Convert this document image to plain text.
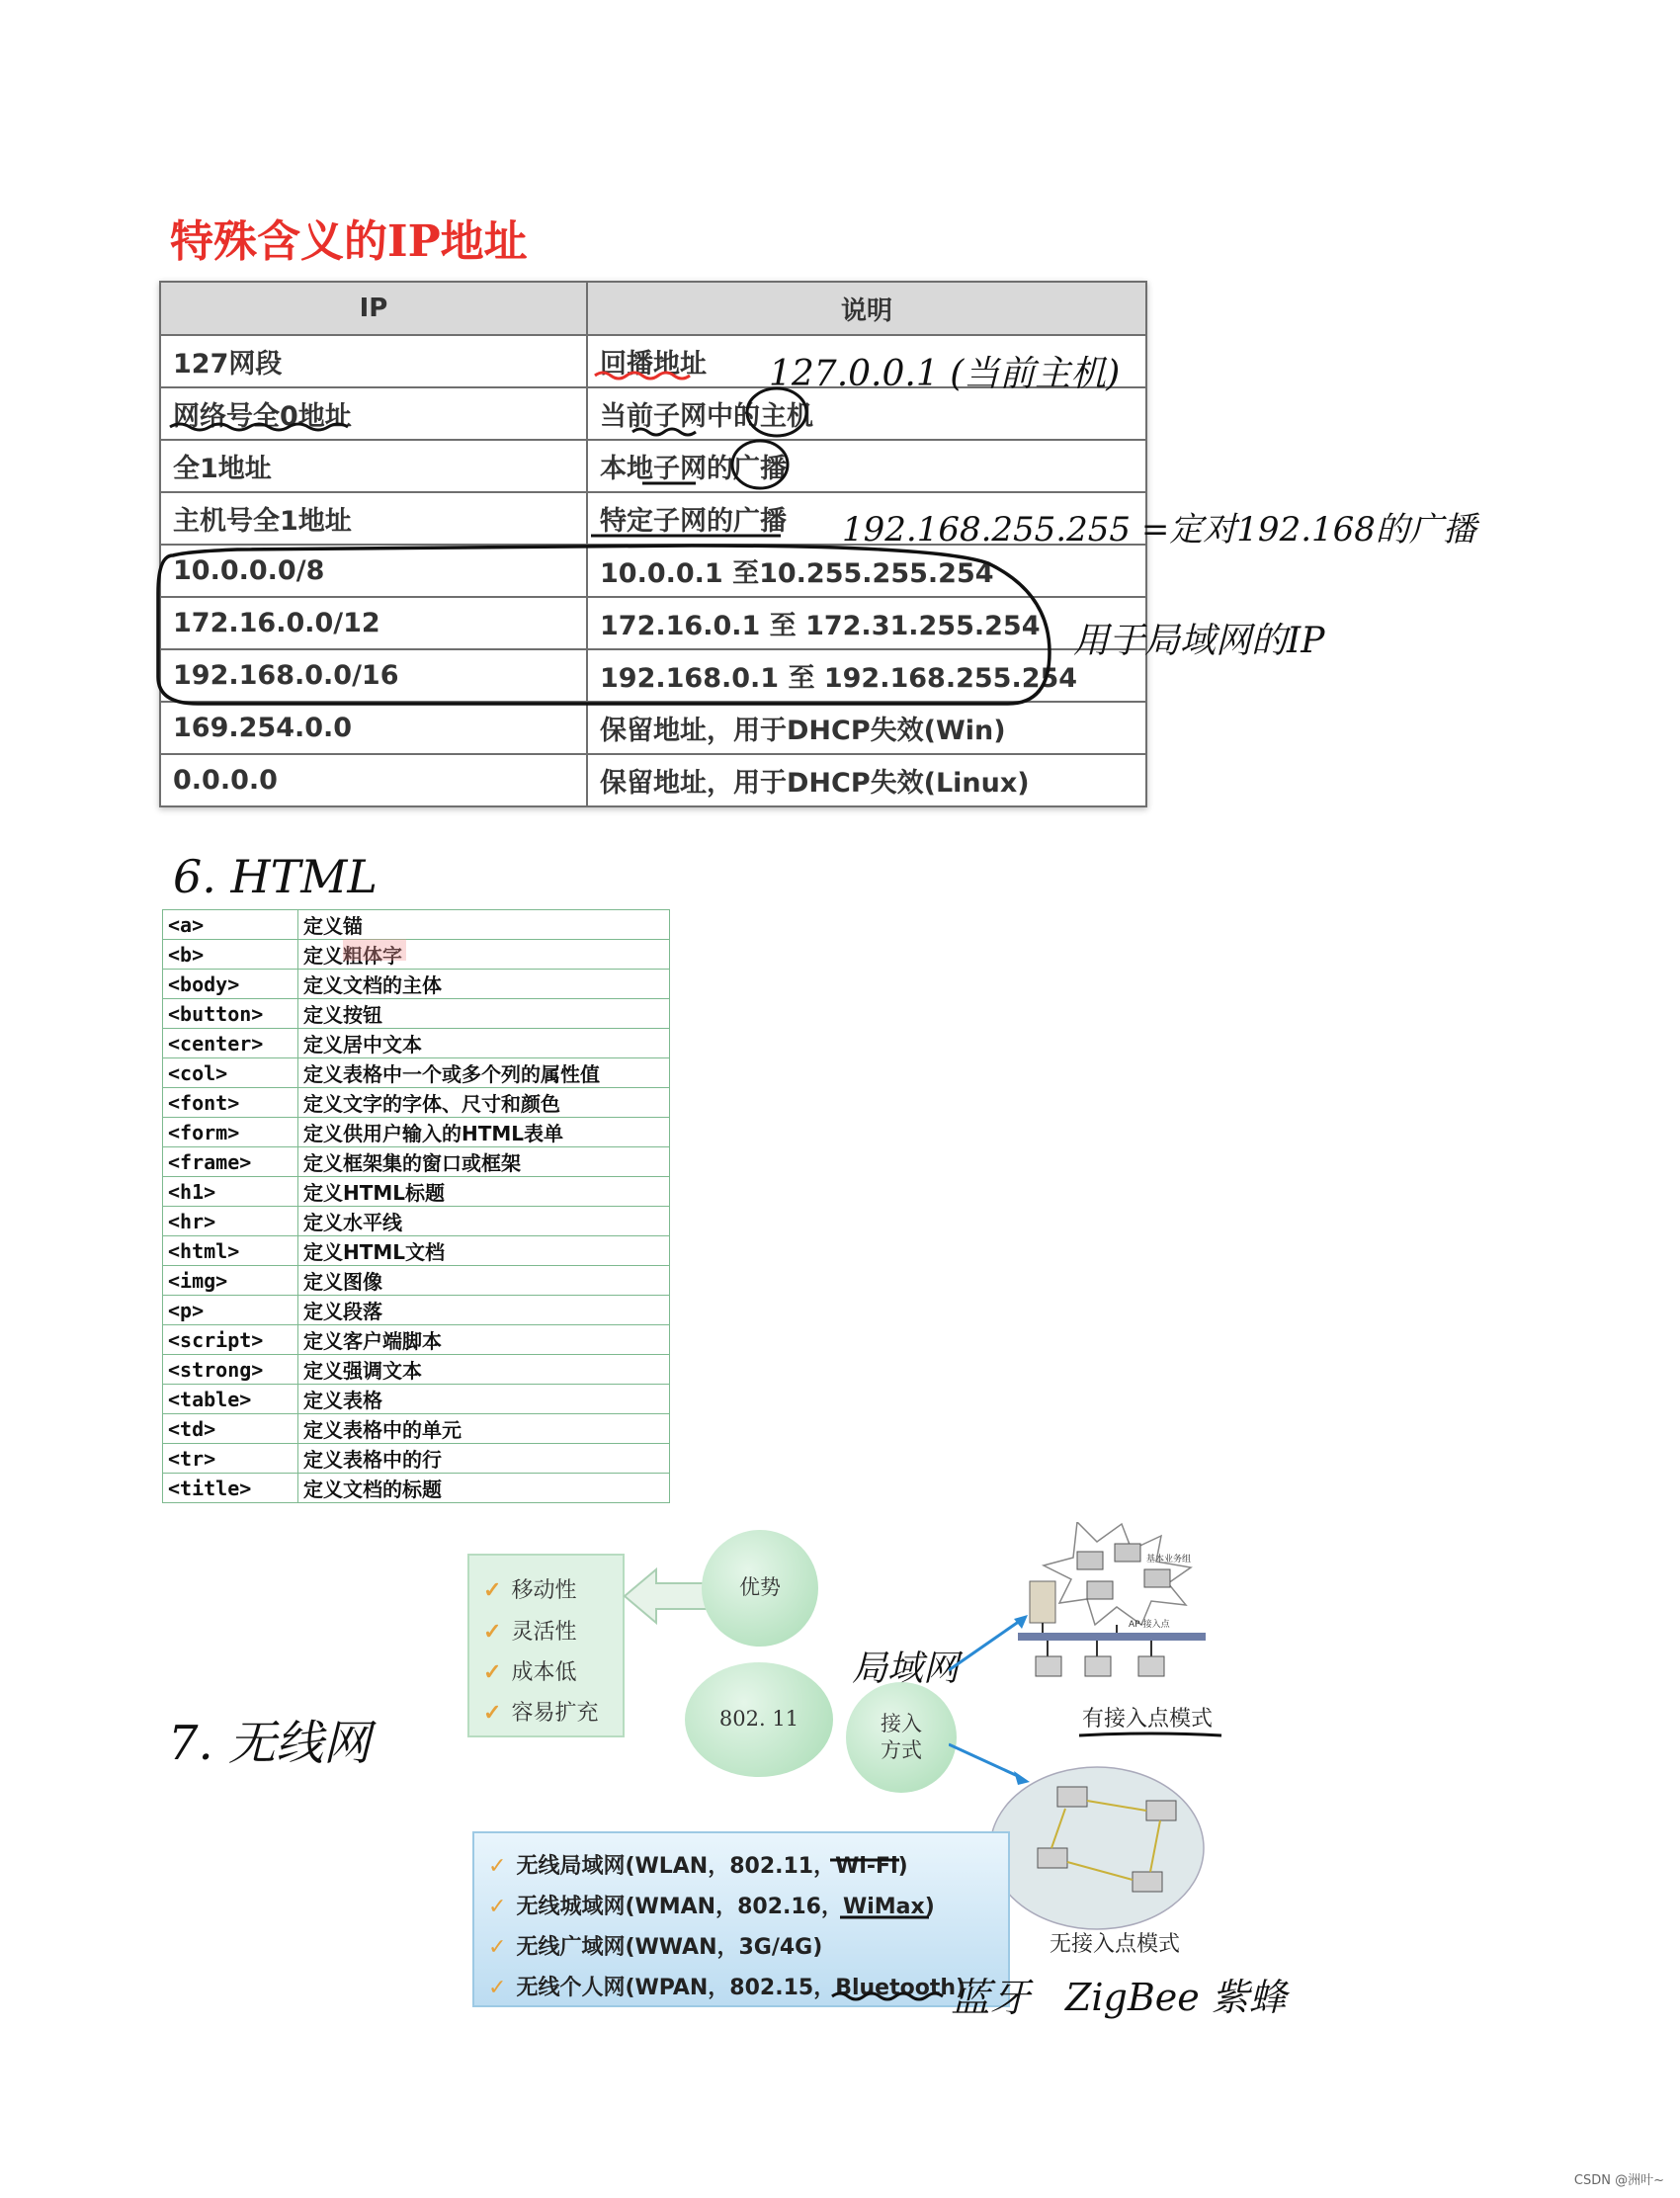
特殊含义的IP地址
IP	说明
127网段	回播地址
网络号全0地址	当前子网中的主机
全1地址	本地子网的广播
主机号全1地址	特定子网的广播
10.0.0.0/8	10.0.0.1 至10.255.255.254
172.16.0.0/12	172.16.0.1 至 172.31.255.254
192.168.0.0/16	192.168.0.1 至 192.168.255.254
169.254.0.0	保留地址，用于DHCP失效(Win)
0.0.0.0	保留地址，用于DHCP失效(Linux)
127.0.0.1 (当前主机)
192.168.255.255 =定对192.168的广播
用于局域网的IP
6. HTML
<a>	定义锚
<b>	定义粗体字
<body>	定义文档的主体
<button>	定义按钮
<center>	定义居中文本
<col>	定义表格中一个或多个列的属性值
<font>	定义文字的字体、尺寸和颜色
<form>	定义供用户输入的HTML表单
<frame>	定义框架集的窗口或框架
<h1>	定义HTML标题
<hr>	定义水平线
<html>	定义HTML文档
<img>	定义图像
<p>	定义段落
<script>	定义客户端脚本
<strong>	定义强调文本
<table>	定义表格
<td>	定义表格中的单元
<tr>	定义表格中的行
<title>	定义文档的标题
7. 无线网
✓ 移动性
✓ 灵活性
✓ 成本低
✓ 容易扩充
优势
802. 11	接入
方式
局域网
基本业务组
AP-接入点
有接入点模式
无接入点模式
✓ 无线局域网(WLAN，802.11，Wi-Fi)
✓ 无线城域网(WMAN，802.16，WiMax)
✓ 无线广域网(WWAN，3G/4G)
✓ 无线个人网(WPAN，802.15，Bluetooth)
蓝牙 ZigBee 紫蜂
CSDN @洲叶~
